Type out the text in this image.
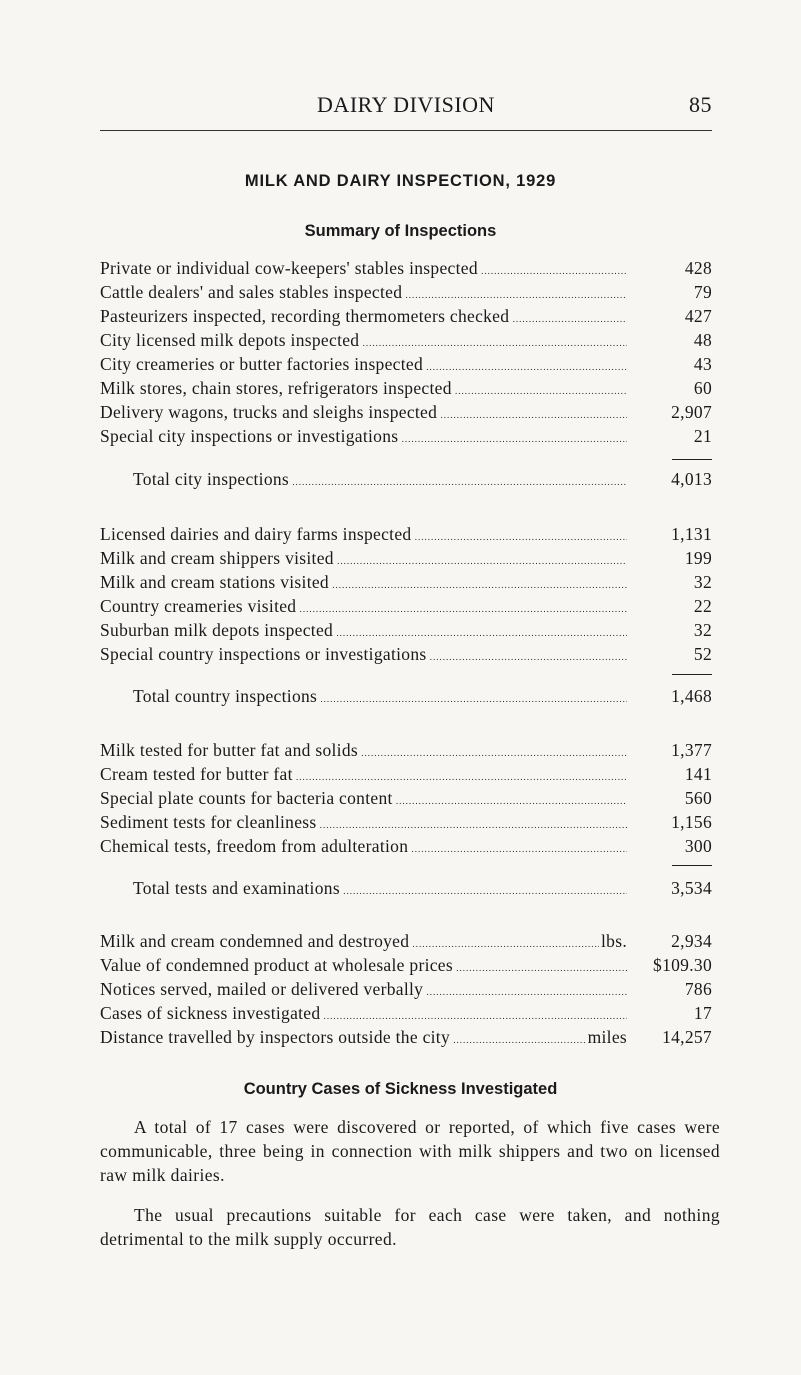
DAIRY DIVISION	85
MILK AND DAIRY INSPECTION, 1929
Summary of Inspections
Private or individual cow-keepers' stables inspected .....	428
Cattle dealers' and sales stables inspected .....	79
Pasteurizers inspected, recording thermometers checked .....	427
City licensed milk depots inspected .....	48
City creameries or butter factories inspected .....	43
Milk stores, chain stores, refrigerators inspected .....	60
Delivery wagons, trucks and sleighs inspected .....	2,907
Special city inspections or investigations .....	21
Total city inspections .....	4,013
Licensed dairies and dairy farms inspected .....	1,131
Milk and cream shippers visited .....	199
Milk and cream stations visited .....	32
Country creameries visited .....	22
Suburban milk depots inspected .....	32
Special country inspections or investigations .....	52
Total country inspections .....	1,468
Milk tested for butter fat and solids .....	1,377
Cream tested for butter fat .....	141
Special plate counts for bacteria content .....	560
Sediment tests for cleanliness .....	1,156
Chemical tests, freedom from adulteration .....	300
Total tests and examinations .....	3,534
Milk and cream condemned and destroyed .....	lbs.	2,934
Value of condemned product at wholesale prices .....	$109.30
Notices served, mailed or delivered verbally .....	786
Cases of sickness investigated .....	17
Distance travelled by inspectors outside the city .....	miles	14,257
Country Cases of Sickness Investigated
A total of 17 cases were discovered or reported, of which five cases were communicable, three being in connection with milk shippers and two on licensed raw milk dairies.
The usual precautions suitable for each case were taken, and nothing detrimental to the milk supply occurred.
